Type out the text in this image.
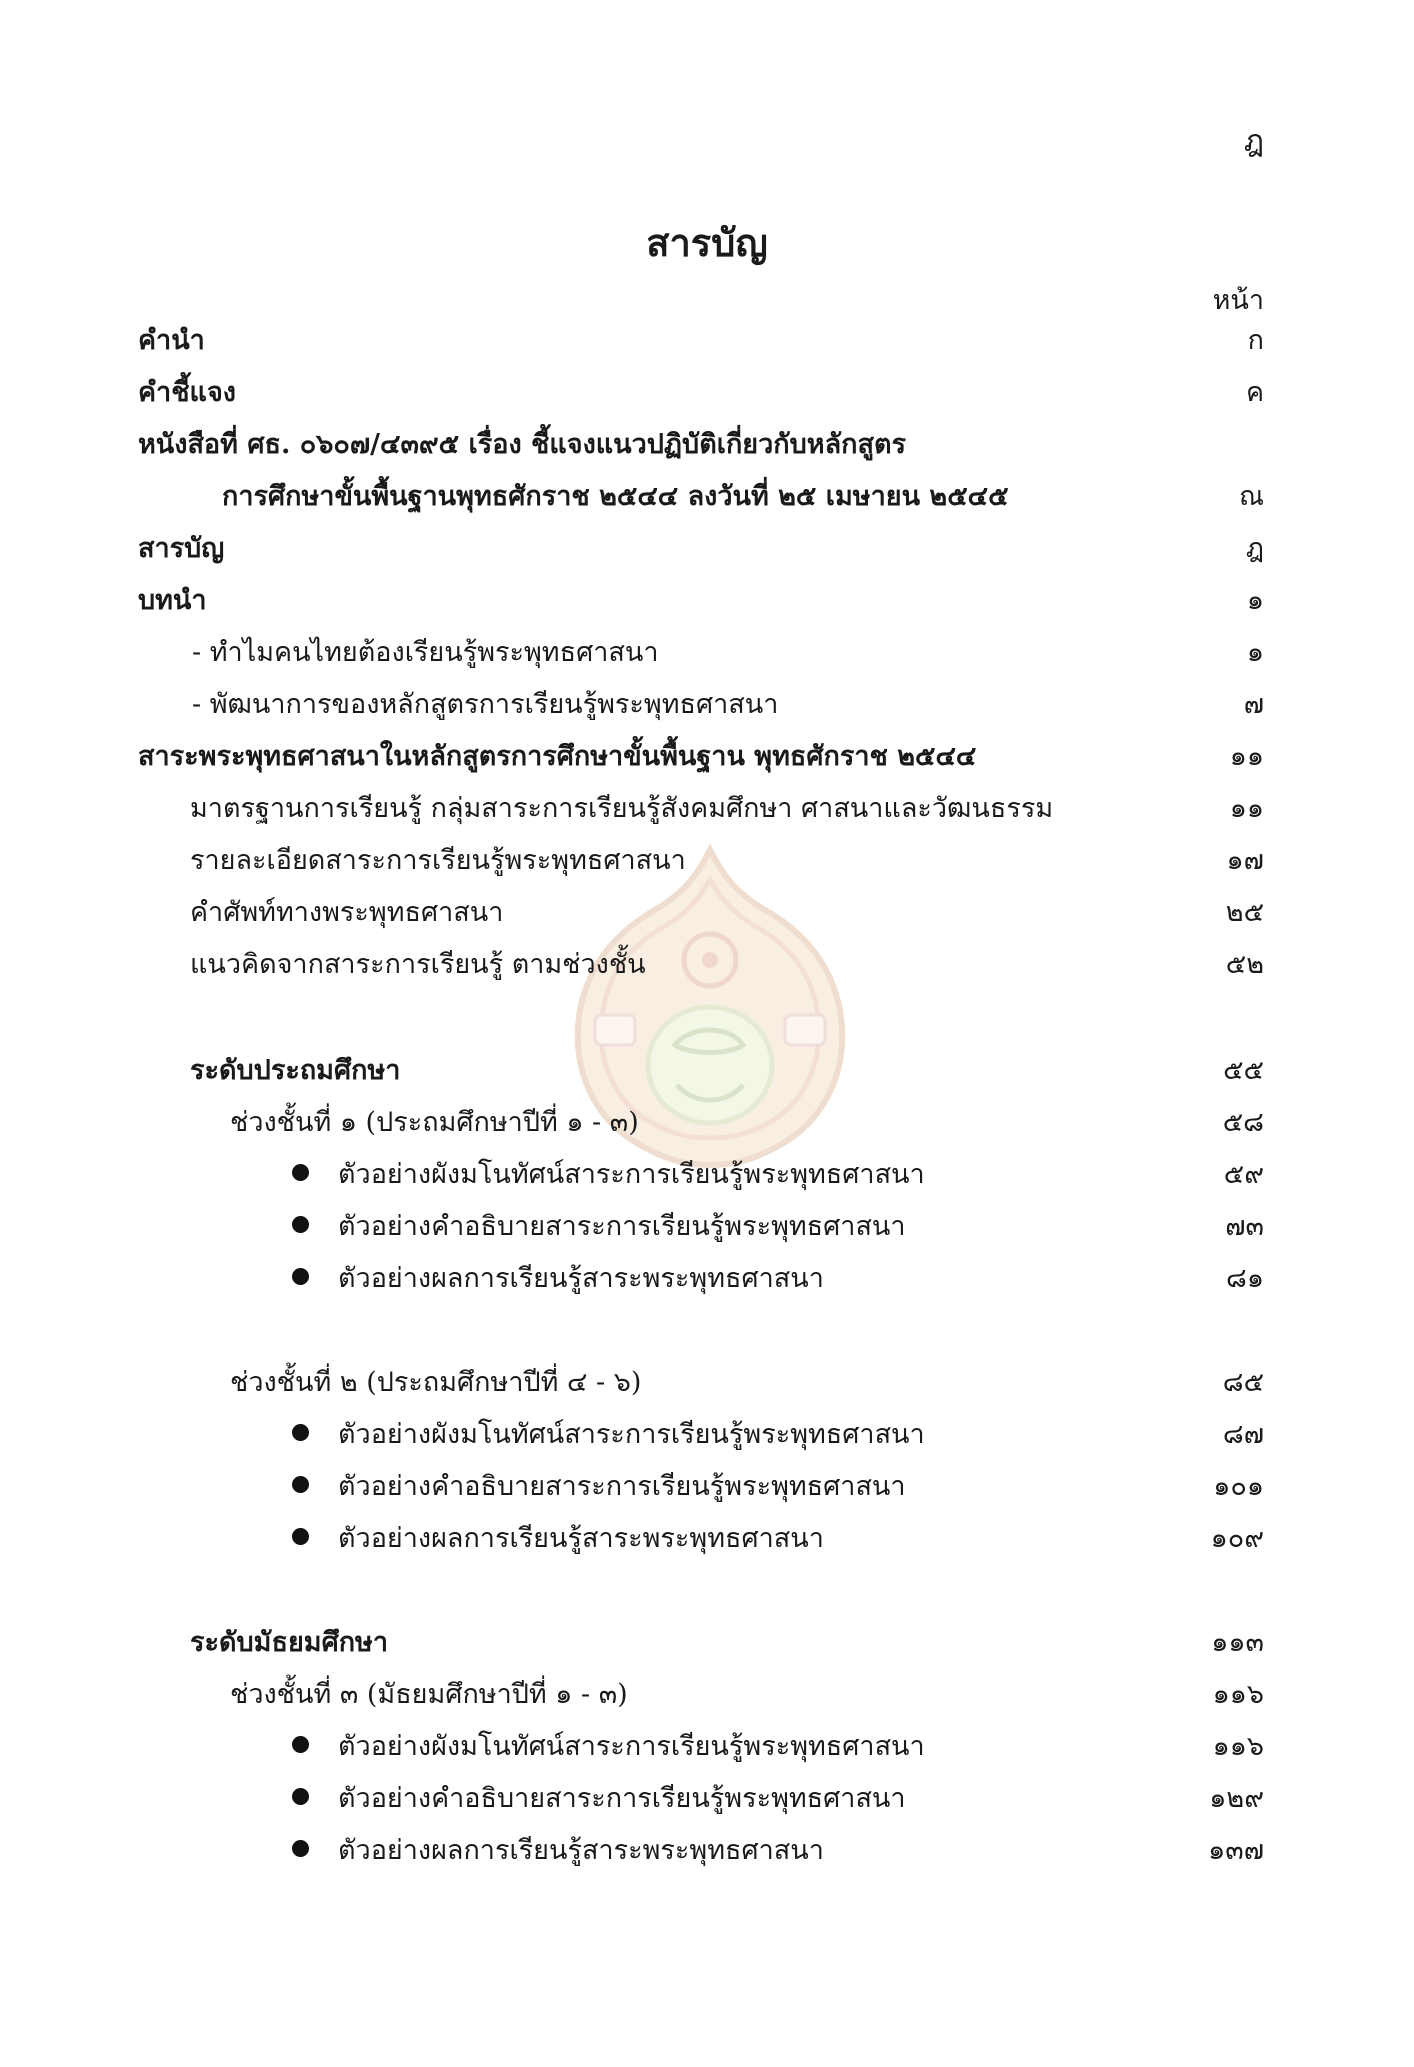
ฎ
สารบัญ
หน้า
คำนำ	ก
คำชี้แจง	ค
หนังสือที่ ศธ. ๐๖๐๗/๔๓๙๕ เรื่อง ชี้แจงแนวปฏิบัติเกี่ยวกับหลักสูตร
การศึกษาขั้นพื้นฐานพุทธศักราช ๒๕๔๔ ลงวันที่ ๒๕ เมษายน ๒๕๔๕	ณ
สารบัญ	ฎ
บทนำ	๑
- ทำไมคนไทยต้องเรียนรู้พระพุทธศาสนา	๑
- พัฒนาการของหลักสูตรการเรียนรู้พระพุทธศาสนา	๗
สาระพระพุทธศาสนาในหลักสูตรการศึกษาขั้นพื้นฐาน พุทธศักราช ๒๕๔๔	๑๑
มาตรฐานการเรียนรู้ กลุ่มสาระการเรียนรู้สังคมศึกษา ศาสนาและวัฒนธรรม	๑๑
รายละเอียดสาระการเรียนรู้พระพุทธศาสนา	๑๗
คำศัพท์ทางพระพุทธศาสนา	๒๕
แนวคิดจากสาระการเรียนรู้ ตามช่วงชั้น	๕๒
ระดับประถมศึกษา	๕๕
ช่วงชั้นที่ ๑ (ประถมศึกษาปีที่ ๑ - ๓)	๕๘
ตัวอย่างผังมโนทัศน์สาระการเรียนรู้พระพุทธศาสนา	๕๙
ตัวอย่างคำอธิบายสาระการเรียนรู้พระพุทธศาสนา	๗๓
ตัวอย่างผลการเรียนรู้สาระพระพุทธศาสนา	๘๑
ช่วงชั้นที่ ๒ (ประถมศึกษาปีที่ ๔ - ๖)	๘๕
ตัวอย่างผังมโนทัศน์สาระการเรียนรู้พระพุทธศาสนา	๘๗
ตัวอย่างคำอธิบายสาระการเรียนรู้พระพุทธศาสนา	๑๐๑
ตัวอย่างผลการเรียนรู้สาระพระพุทธศาสนา	๑๐๙
ระดับมัธยมศึกษา	๑๑๓
ช่วงชั้นที่ ๓ (มัธยมศึกษาปีที่ ๑ - ๓)	๑๑๖
ตัวอย่างผังมโนทัศน์สาระการเรียนรู้พระพุทธศาสนา	๑๑๖
ตัวอย่างคำอธิบายสาระการเรียนรู้พระพุทธศาสนา	๑๒๙
ตัวอย่างผลการเรียนรู้สาระพระพุทธศาสนา	๑๓๗
